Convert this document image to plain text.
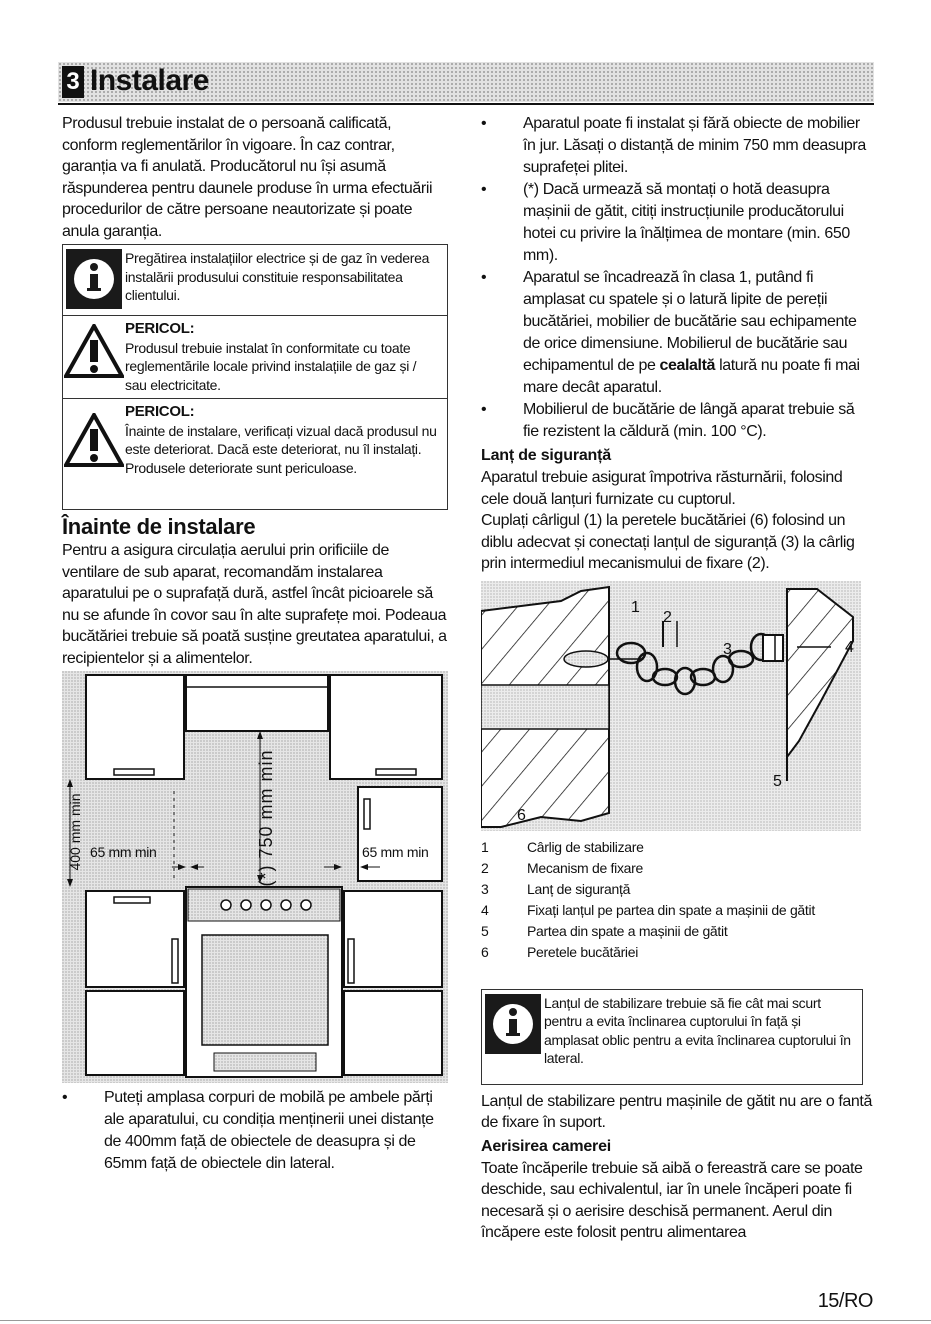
3 Instalare

Produsul trebuie instalat de o persoană calificată, conform reglementărilor în vigoare. În caz contrar, garanția va fi anulată. Producătorul nu își asumă răspunderea pentru daunele produse în urma efectuării procedurilor de către persoane neautorizate și poate anula garanția.

Pregătirea instalațiilor electrice și de gaz în vederea instalării produsului constituie responsabilitatea clientului.
PERICOL:
Produsul trebuie instalat în conformitate cu toate reglementările locale privind instalațiile de gaz și / sau electricitate.
PERICOL:
Înainte de instalare, verificați vizual dacă produsul nu este deteriorat. Dacă este deteriorat, nu îl instalați. Produsele deteriorate sunt periculoase.
Înainte de instalare

Pentru a asigura circulația aerului prin orificiile de ventilare de sub aparat, recomandăm instalarea aparatului pe o suprafață dură, astfel încât picioarele să nu se afunde în covor sau în alte suprafețe moi. Podeaua bucătăriei trebuie să poată susține greutatea aparatului, a recipientelor și a alimentelor.

(*) 750 mm min
400 mm min 65 mm min	65 mm min
• Puteți amplasa corpuri de mobilă pe ambele părți ale aparatului, cu condiția menținerii unei distanțe de 400mm față de obiectele de deasupra și de 65mm față de obiectele din lateral.
• Aparatul poate fi instalat și fără obiecte de mobilier în jur. Lăsați o distanță de minim 750 mm deasupra suprafeței plitei.
• (*) Dacă urmează să montați o hotă deasupra mașinii de gătit, citiți instrucțiunile producătorului hotei cu privire la înălțimea de montare (min. 650 mm).
• Aparatul se încadrează în clasa 1, putând fi amplasat cu spatele și o latură lipite de pereții bucătăriei, mobilier de bucătărie sau echipamente de orice dimensiune. Mobilierul de bucătărie sau echipamentul de pe cealaltă latură nu poate fi mai mare decât aparatul.
• Mobilierul de bucătărie de lângă aparat trebuie să fie rezistent la căldură (min. 100 °C).
Lanț de siguranță

Aparatul trebuie asigurat împotriva răsturnării, folosind cele două lanțuri furnizate cu cuptorul.

Cuplați cârligul (1) la peretele bucătăriei (6) folosind un diblu adecvat și conectați lanțul de siguranță (3) la cârlig prin intermediul mecanismului de fixare (2).

1
2
3	4
5
6
1	Cârlig de stabilizare
2	Mecanism de fixare
3	Lanț de siguranță
4	Fixați lanțul pe partea din spate a mașinii de gătit
5	Partea din spate a mașinii de gătit
6	Peretele bucătăriei
Lanțul de stabilizare trebuie să fie cât mai scurt pentru a evita înclinarea cuptorului în față și amplasat oblic pentru a evita înclinarea cuptorului în lateral.

Lanțul de stabilizare pentru mașinile de gătit nu are o fantă de fixare în suport.

Aerisirea camerei

Toate încăperile trebuie să aibă o fereastră care se poate deschide, sau echivalentul, iar în unele încăperi poate fi necesară și o aerisire deschisă permanent. Aerul din încăpere este folosit pentru alimentarea

15/RO
